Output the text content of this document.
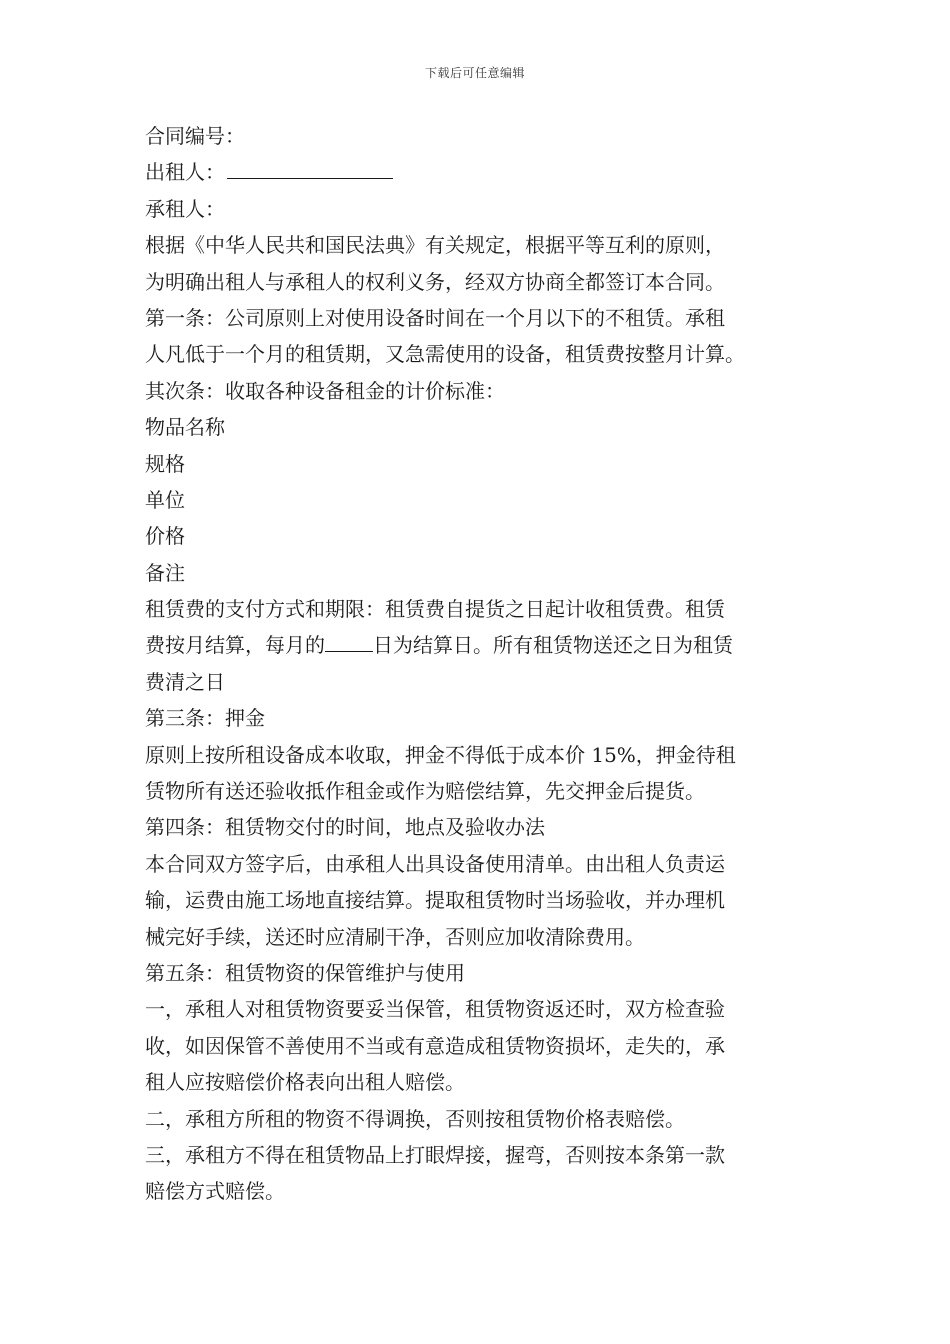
下载后可任意编辑
合同编号：
出租人：
承租人：
根据《中华人民共和国民法典》有关规定，根据平等互利的原则，
为明确出租人与承租人的权利义务，经双方协商全都签订本合同。
第一条：公司原则上对使用设备时间在一个月以下的不租赁。承租
人凡低于一个月的租赁期，又急需使用的设备，租赁费按整月计算。
其次条：收取各种设备租金的计价标准：
物品名称
规格
单位
价格
备注
租赁费的支付方式和期限：租赁费自提货之日起计收租赁费。租赁
费按月结算，每月的 日为结算日。所有租赁物送还之日为租赁
费清之日
第三条：押金
原则上按所租设备成本收取，押金不得低于成本价 15%，押金待租
赁物所有送还验收抵作租金或作为赔偿结算，先交押金后提货。
第四条：租赁物交付的时间，地点及验收办法
本合同双方签字后，由承租人出具设备使用清单。由出租人负责运
输，运费由施工场地直接结算。提取租赁物时当场验收，并办理机
械完好手续，送还时应清刷干净，否则应加收清除费用。
第五条：租赁物资的保管维护与使用
一，承租人对租赁物资要妥当保管，租赁物资返还时，双方检查验
收，如因保管不善使用不当或有意造成租赁物资损坏，走失的，承
租人应按赔偿价格表向出租人赔偿。
二，承租方所租的物资不得调换，否则按租赁物价格表赔偿。
三，承租方不得在租赁物品上打眼焊接，握弯，否则按本条第一款
赔偿方式赔偿。
